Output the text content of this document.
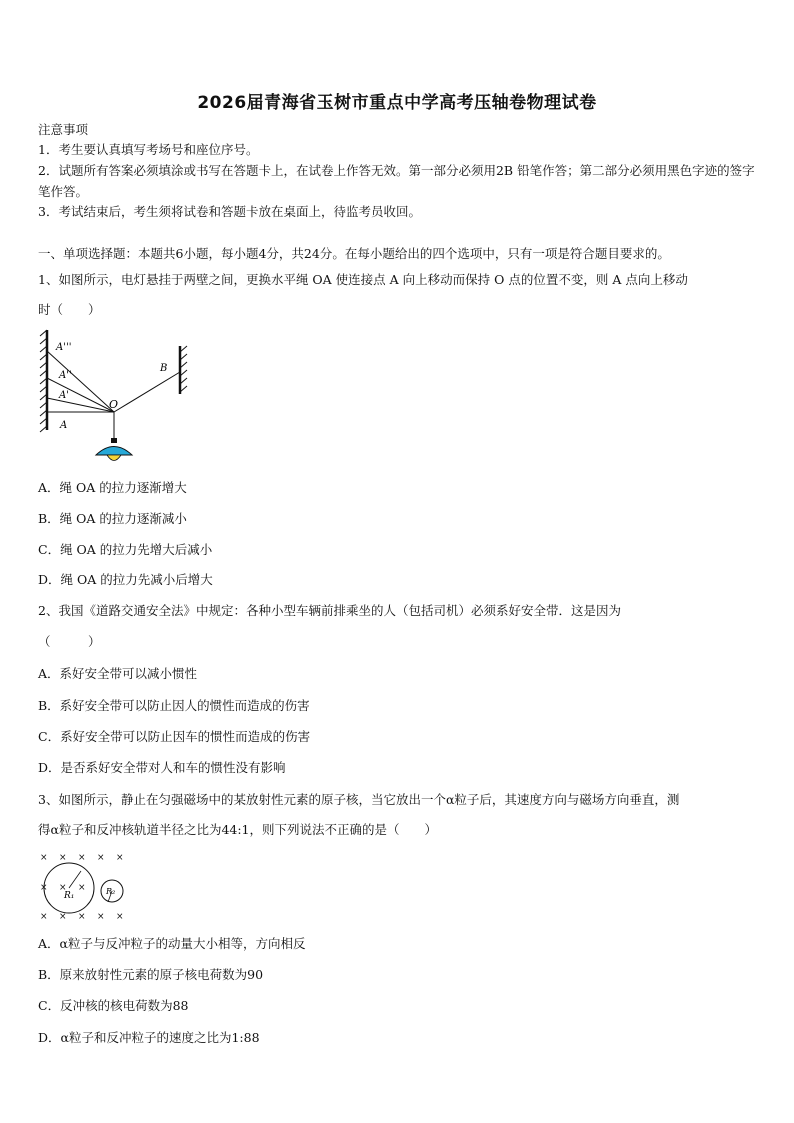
2026届青海省玉树市重点中学高考压轴卷物理试卷
注意事项
1．考生要认真填写考场号和座位序号。
2．试题所有答案必须填涂或书写在答题卡上，在试卷上作答无效。第一部分必须用2B 铅笔作答；第二部分必须用黑色字迹的签字笔作答。
3．考试结束后，考生须将试卷和答题卡放在桌面上，待监考员收回。
一、单项选择题：本题共6小题，每小题4分，共24分。在每小题给出的四个选项中，只有一项是符合题目要求的。
1、如图所示，电灯悬挂于两壁之间，更换水平绳 OA 使连接点 A 向上移动而保持 O 点的位置不变，则 A 点向上移动
时（　　）
A'''
A''
A'
A
O
B
A．绳 OA 的拉力逐渐增大
B．绳 OA 的拉力逐渐减小
C．绳 OA 的拉力先增大后减小
D．绳 OA 的拉力先减小后增大
2、我国《道路交通安全法》中规定：各种小型车辆前排乘坐的人（包括司机）必须系好安全带．这是因为
（　　　）
A．系好安全带可以减小惯性
B．系好安全带可以防止因人的惯性而造成的伤害
C．系好安全带可以防止因车的惯性而造成的伤害
D．是否系好安全带对人和车的惯性没有影响
3、如图所示，静止在匀强磁场中的某放射性元素的原子核，当它放出一个α粒子后，其速度方向与磁场方向垂直，测
得α粒子和反冲核轨道半径之比为44:1，则下列说法不正确的是（　　）
× × × × ×
× × ×
× × × × ×
R₁	R₂
A．α粒子与反冲粒子的动量大小相等，方向相反
B．原来放射性元素的原子核电荷数为90
C．反冲核的核电荷数为88
D．α粒子和反冲粒子的速度之比为1:88
